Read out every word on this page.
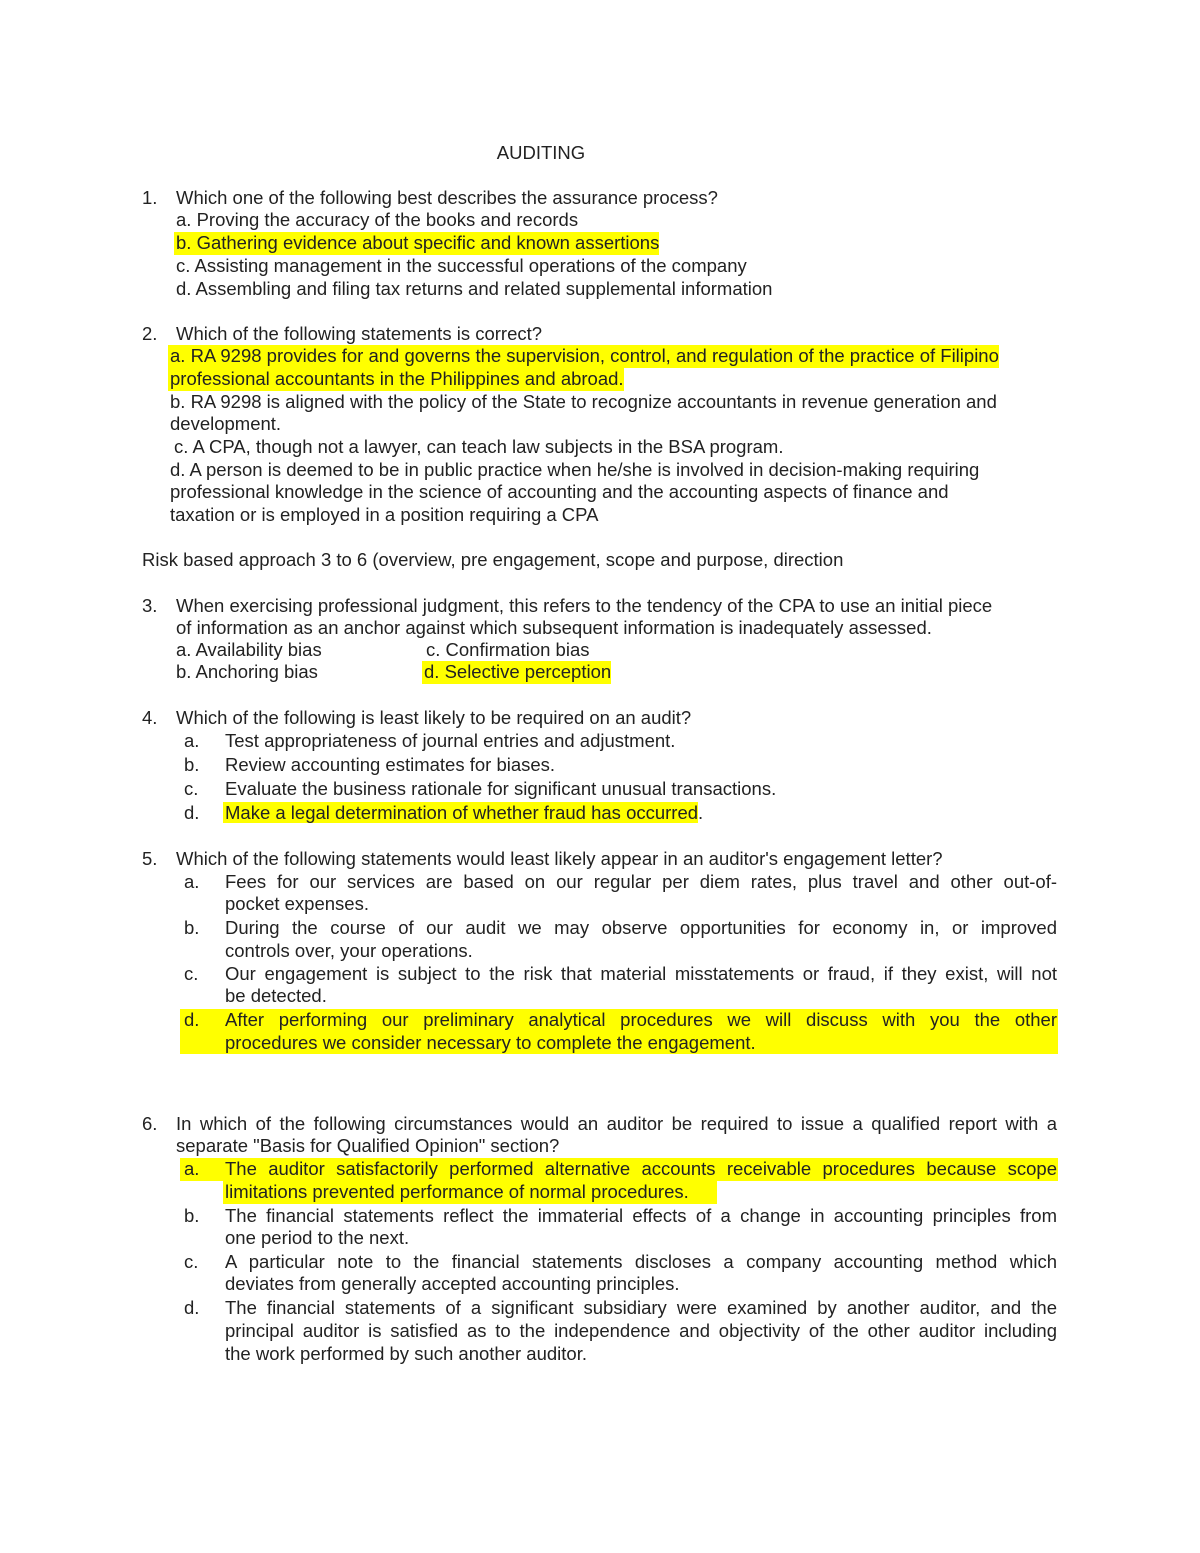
AUDITING
1. Which one of the following best describes the assurance process?
a. Proving the accuracy of the books and records
b. Gathering evidence about specific and known assertions
c. Assisting management in the successful operations of the company
d. Assembling and filing tax returns and related supplemental information
2. Which of the following statements is correct?
a. RA 9298 provides for and governs the supervision, control, and regulation of the practice of Filipino
professional accountants in the Philippines and abroad.
b. RA 9298 is aligned with the policy of the State to recognize accountants in revenue generation and
development.
c. A CPA, though not a lawyer, can teach law subjects in the BSA program.
d. A person is deemed to be in public practice when he/she is involved in decision-making requiring
professional knowledge in the science of accounting and the accounting aspects of finance and
taxation or is employed in a position requiring a CPA
Risk based approach 3 to 6 (overview, pre engagement, scope and purpose, direction
3. When exercising professional judgment, this refers to the tendency of the CPA to use an initial piece
of information as an anchor against which subsequent information is inadequately assessed.
a. Availability bias	c. Confirmation bias
b. Anchoring bias	d. Selective perception
4. Which of the following is least likely to be required on an audit?
a. Test appropriateness of journal entries and adjustment.
b. Review accounting estimates for biases.
c. Evaluate the business rationale for significant unusual transactions.
d. Make a legal determination of whether fraud has occurred.
5. Which of the following statements would least likely appear in an auditor's engagement letter?
a. Fees for our services are based on our regular per diem rates, plus travel and other out-of-
pocket expenses.
b. During the course of our audit we may observe opportunities for economy in, or improved
controls over, your operations.
c. Our engagement is subject to the risk that material misstatements or fraud, if they exist, will not
be detected.
d. After performing our preliminary analytical procedures we will discuss with you the other
procedures we consider necessary to complete the engagement.
6. In which of the following circumstances would an auditor be required to issue a qualified report with a
separate "Basis for Qualified Opinion" section?
a. The auditor satisfactorily performed alternative accounts receivable procedures because scope
limitations prevented performance of normal procedures.
b. The financial statements reflect the immaterial effects of a change in accounting principles from
one period to the next.
c. A particular note to the financial statements discloses a company accounting method which
deviates from generally accepted accounting principles.
d. The financial statements of a significant subsidiary were examined by another auditor, and the
principal auditor is satisfied as to the independence and objectivity of the other auditor including
the work performed by such another auditor.
